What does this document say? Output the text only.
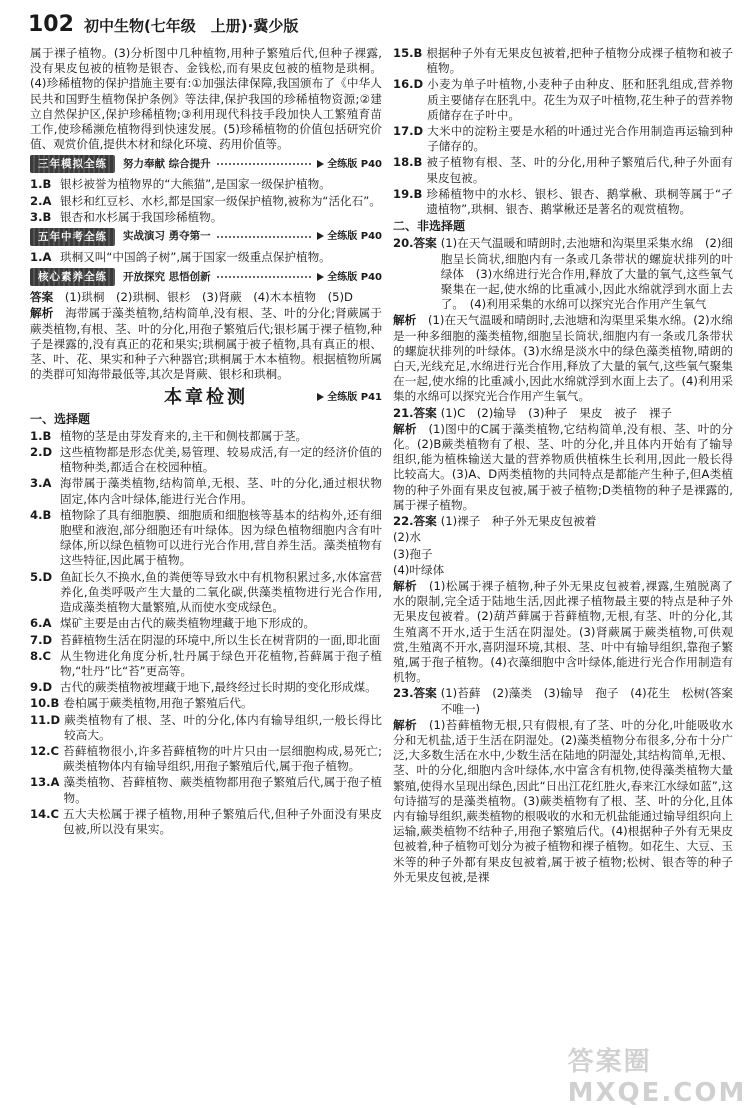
102 初中生物(七年级　上册)·冀少版

属于裸子植物。(3)分析图中几种植物,用种子繁殖后代,但种子裸露,没有果皮包被的植物是银杏、金钱松,而有果皮包被的植物是珙桐。(4)珍稀植物的保护措施主要有:①加强法律保障,我国颁布了《中华人民共和国野生植物保护条例》等法律,保护我国的珍稀植物资源;②建立自然保护区,保护珍稀植物;③利用现代科技手段加快人工繁殖育苗工作,使珍稀濒危植物得到快速发展。(5)珍稀植物的价值包括研究价值、观赏价值,提供木材和绿化环境、药用价值等。

三年模拟全练	努力奉献 综合提升	全练版 P40
1.B 银杉被誉为植物界的“大熊猫”,是国家一级保护植物。
2.A 银杉和红豆杉、水杉,都是国家一级保护植物,被称为“活化石”。
3.B 银杏和水杉属于我国珍稀植物。
五年中考全练	实战演习 勇夺第一	全练版 P40
1.A 珙桐又叫“中国鸽子树”,属于国家一级重点保护植物。
核心素养全练	开放探究 思悟创新	全练版 P40

答案　 (1)珙桐　(2)珙桐、银杉　(3)肾蕨　(4)木本植物　(5)D

解析　 海带属于藻类植物,结构简单,没有根、茎、叶的分化;肾蕨属于蕨类植物,有根、茎、叶的分化,用孢子繁殖后代;银杉属于裸子植物,种子是裸露的,没有真正的花和果实;珙桐属于被子植物,具有真正的根、茎、叶、花、果实和种子六种器官;珙桐属于木本植物。根据植物所属的类群可知海带最低等,其次是肾蕨、银杉和珙桐。

本章检测	全练版 P41
一、选择题
1.B 植物的茎是由芽发育来的,主干和侧枝都属于茎。
2.D 这些植物都是形态优美,易管理、较易成活,有一定的经济价值的植物种类,都适合在校园种植。
3.A 海带属于藻类植物,结构简单,无根、茎、叶的分化,通过根状物固定,体内含叶绿体,能进行光合作用。
4.B 植物除了具有细胞膜、细胞质和细胞核等基本的结构外,还有细胞壁和液泡,部分细胞还有叶绿体。因为绿色植物细胞内含有叶绿体,所以绿色植物可以进行光合作用,营自养生活。藻类植物有这些特征,因此属于植物。
5.D 鱼缸长久不换水,鱼的粪便等导致水中有机物积累过多,水体富营养化,鱼类呼吸产生大量的二氧化碳,供藻类植物进行光合作用,造成藻类植物大量繁殖,从而使水变成绿色。
6.A 煤矿主要是由古代的蕨类植物埋藏于地下形成的。
7.D 苔藓植物生活在阴湿的环境中,所以生长在树背阴的一面,即北面
8.C 从生物进化角度分析,牡丹属于绿色开花植物,苔藓属于孢子植物,“牡丹”比“苔”更高等。
9.D 古代的蕨类植物被埋藏于地下,最终经过长时期的变化形成煤。
10.B 卷柏属于蕨类植物,用孢子繁殖后代。
11.D 蕨类植物有了根、茎、叶的分化,体内有输导组织,一般长得比较高大。
12.C 苔藓植物很小,许多苔藓植物的叶片只由一层细胞构成,易死亡;蕨类植物体内有输导组织,用孢子繁殖后代,属于孢子植物。
13.A 藻类植物、苔藓植物、蕨类植物都用孢子繁殖后代,属于孢子植物。
14.C 五大夫松属于裸子植物,用种子繁殖后代,但种子外面没有果皮包被,所以没有果实。
15.B 根据种子外有无果皮包被着,把种子植物分成裸子植物和被子植物。
16.D 小麦为单子叶植物,小麦种子由种皮、胚和胚乳组成,营养物质主要储存在胚乳中。花生为双子叶植物,花生种子的营养物质储存在子叶中。
17.D 大米中的淀粉主要是水稻的叶通过光合作用制造再运输到种子储存的。
18.B 被子植物有根、茎、叶的分化,用种子繁殖后代,种子外面有果皮包被。
19.B 珍稀植物中的水杉、银杉、银杏、鹅掌楸、珙桐等属于“孑遗植物”,珙桐、银杏、鹅掌楸还是著名的观赏植物。
二、非选择题
20.答案 (1)在天气温暖和晴朗时,去池塘和沟渠里采集水绵　(2)细胞呈长筒状,细胞内有一条或几条带状的螺旋状排列的叶绿体　(3)水绵进行光合作用,释放了大量的氧气,这些氧气聚集在一起,使水绵的比重减小,因此水绵就浮到水面上去了。　(4)利用采集的水绵可以探究光合作用产生氧气

解析　 (1)在天气温暖和晴朗时,去池塘和沟渠里采集水绵。(2)水绵是一种多细胞的藻类植物,细胞呈长筒状,细胞内有一条或几条带状的螺旋状排列的叶绿体。(3)水绵是淡水中的绿色藻类植物,晴朗的白天,光线充足,水绵进行光合作用,释放了大量的氧气,这些氧气聚集在一起,使水绵的比重减小,因此水绵就浮到水面上去了。(4)利用采集的水绵可以探究光合作用产生氧气。

21.答案 (1)C　(2)输导　(3)种子　果皮　被子　裸子

解析　 (1)图中的C属于藻类植物,它结构简单,没有根、茎、叶的分化。(2)B蕨类植物有了根、茎、叶的分化,并且体内开始有了输导组织,能为植株输送大量的营养物质供植株生长利用,因此一般长得比较高大。(3)A、D两类植物的共同特点是都能产生种子,但A类植物的种子外面有果皮包被,属于被子植物;D类植物的种子是裸露的,属于裸子植物。

22.答案 (1)裸子　种子外无果皮包被着

(2)水

(3)孢子

(4)叶绿体

解析　 (1)松属于裸子植物,种子外无果皮包被着,裸露,生殖脱离了水的限制,完全适于陆地生活,因此裸子植物最主要的特点是种子外无果皮包被着。(2)葫芦藓属于苔藓植物,无根,有茎、叶的分化,其生殖离不开水,适于生活在阴湿处。(3)肾蕨属于蕨类植物,可供观赏,生殖离不开水,喜阴湿环境,其根、茎、叶中有输导组织,靠孢子繁殖,属于孢子植物。(4)衣藻细胞中含叶绿体,能进行光合作用制造有机物。

23.答案 (1)苔藓　(2)藻类　(3)输导　孢子　(4)花生　松树(答案不唯一)

解析　 (1)苔藓植物无根,只有假根,有了茎、叶的分化,叶能吸收水分和无机盐,适于生活在阴湿处。(2)藻类植物分布很多,分布十分广泛,大多数生活在水中,少数生活在陆地的阴湿处,其结构简单,无根、茎、叶的分化,细胞内含叶绿体,水中富含有机物,使得藻类植物大量繁殖,使得水呈现出绿色,因此“日出江花红胜火,春来江水绿如蓝”,这句诗描写的是藻类植物。(3)蕨类植物有了根、茎、叶的分化,且体内有输导组织,蕨类植物的根吸收的水和无机盐能通过输导组织向上运输,蕨类植物不结种子,用孢子繁殖后代。(4)根据种子外有无果皮包被着,种子植物可划分为被子植物和裸子植物。如花生、大豆、玉米等的种子外都有果皮包被着,属于被子植物;松树、银杏等的种子外无果皮包被,是裸

答案圈 MXQE.COM
